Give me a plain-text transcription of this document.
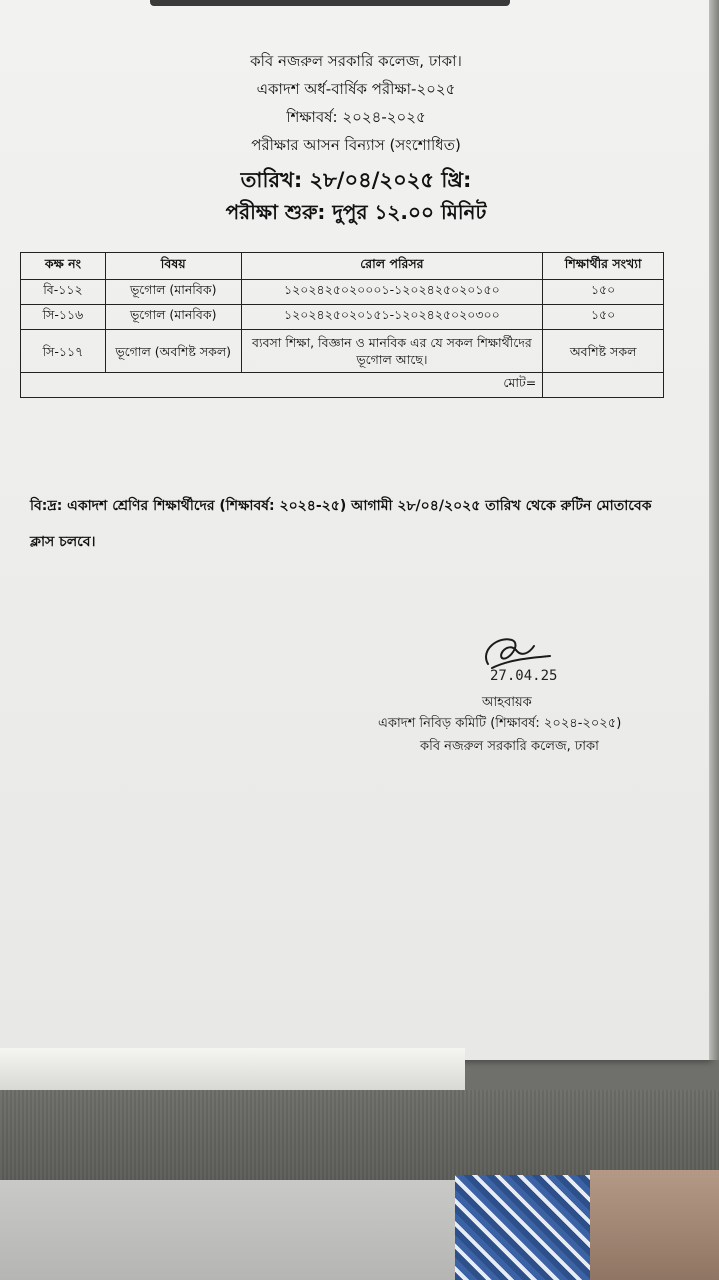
কবি নজরুল সরকারি কলেজ, ঢাকা।
একাদশ অর্ধ-বার্ষিক পরীক্ষা-২০২৫
শিক্ষাবর্ষ: ২০২৪-২০২৫
পরীক্ষার আসন বিন্যাস (সংশোধিত)
তারিখ: ২৮/০৪/২০২৫ খ্রি:
পরীক্ষা শুরু: দুপুর ১২.০০ মিনিট
কক্ষ নং	বিষয়	রোল পরিসর	শিক্ষার্থীর সংখ্যা
বি-১১২	ভূগোল (মানবিক)	১২০২৪২৫০২০০০১-১২০২৪২৫০২০১৫০	১৫০
সি-১১৬	ভূগোল (মানবিক)	১২০২৪২৫০২০১৫১-১২০২৪২৫০২০৩০০	১৫০
সি-১১৭	ভূগোল (অবশিষ্ট সকল)	ব্যবসা শিক্ষা, বিজ্ঞান ও মানবিক এর যে সকল শিক্ষার্থীদের ভূগোল আছে।	অবশিষ্ট সকল
মোট=			
বি:দ্র: একাদশ শ্রেণির শিক্ষার্থীদের (শিক্ষাবর্ষ: ২০২৪-২৫) আগামী ২৮/০৪/২০২৫ তারিখ থেকে রুটিন মোতাবেক ক্লাস চলবে।
27.04.25
আহবায়ক
একাদশ নিবিড় কমিটি (শিক্ষাবর্ষ: ২০২৪-২০২৫)
কবি নজরুল সরকারি কলেজ, ঢাকা
